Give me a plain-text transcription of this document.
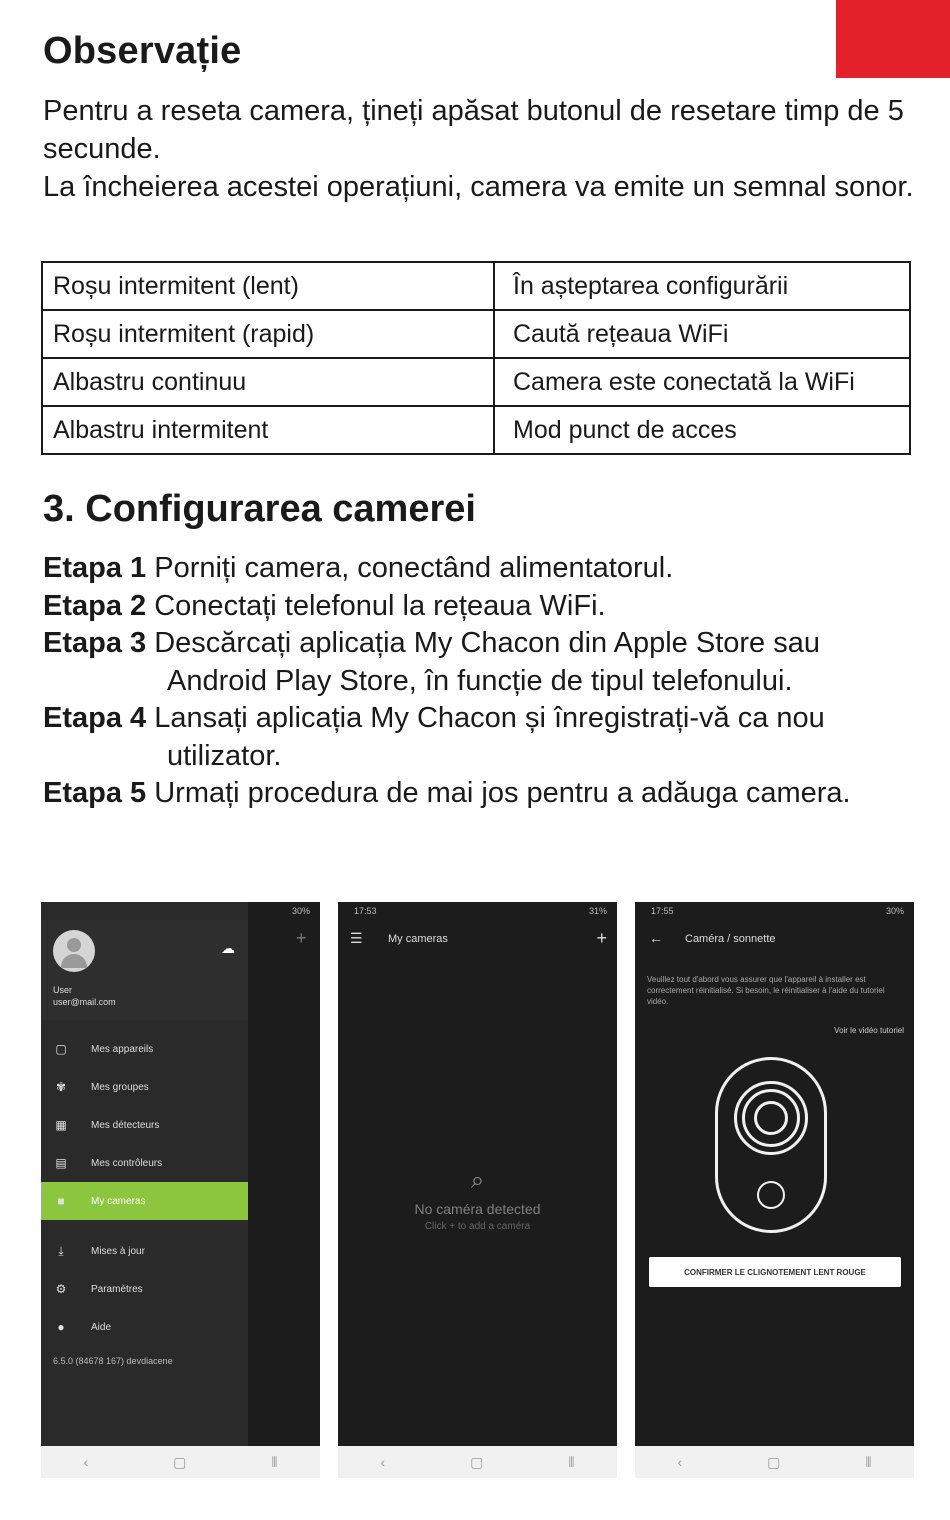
Observație

Pentru a reseta camera, țineți apăsat butonul de resetare timp de 5 secunde.

La încheierea acestei operațiuni, camera va emite un semnal sonor.

Roșu intermitent (lent)	În așteptarea configurării
Roșu intermitent (rapid)	Caută rețeaua WiFi
Albastru continuu	Camera este conectată la WiFi
Albastru intermitent	Mod punct de acces
3. Configurarea camerei

Etapa 1 Porniți camera, conectând alimentatorul.

Etapa 2 Conectați telefonul la rețeaua WiFi.

Etapa 3 Descărcați aplicația My Chacon din Apple Store sau Android Play Store, în funcție de tipul telefonului.

Etapa 4 Lansați aplicația My Chacon și înregistrați-vă ca nou utilizator.

Etapa 5 Urmați procedura de mai jos pentru a adăuga camera.

30%
+
☁
User
user@mail.com
▢ Mes appareils
✾ Mes groupes
▦ Mes détecteurs
▤ Mes contrôleurs
■	My cameras
⤓	Mises à jour
⚙ Paramètres
●	Aide
6.5.0 (84678 167) devdiacene
‹	▢	⦀
17:53	31%
☰ My cameras	+
⌕
No caméra detected
Click + to add a caméra
‹	▢	⦀
17:55	30%
← Caméra / sonnette
Veuillez tout d'abord vous assurer que l'appareil à installer est correctement réinitialisé. Si besoin, le réinitialiser à l'aide du tutoriel vidéo.
Voir le vidéo tutoriel
CONFIRMER LE CLIGNOTEMENT LENT ROUGE
‹	▢	⦀
